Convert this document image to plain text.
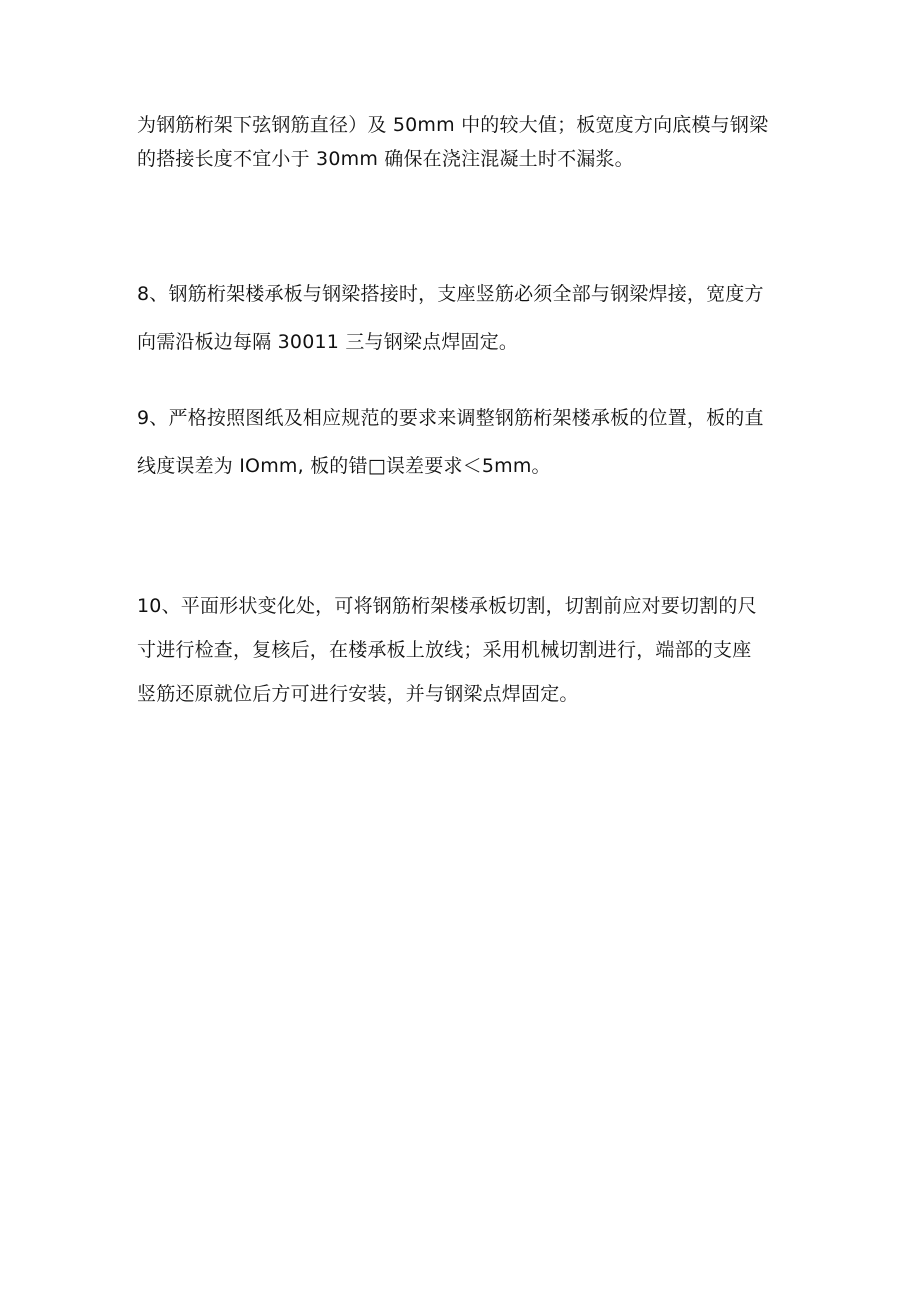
为钢筋桁架下弦钢筋直径）及 50mm 中的较大值；板宽度方向底模与钢梁
的搭接长度不宜小于 30mm 确保在浇注混凝土时不漏浆。

8、钢筋桁架楼承板与钢梁搭接时，支座竖筋必须全部与钢梁焊接，宽度方
向需沿板边每隔 30011 三与钢梁点焊固定。

9、严格按照图纸及相应规范的要求来调整钢筋桁架楼承板的位置，板的直
线度误差为 IOmm, 板的错□误差要求＜5mm。

10、平面形状变化处，可将钢筋桁架楼承板切割，切割前应对要切割的尺
寸进行检查，复核后，在楼承板上放线；采用机械切割进行，端部的支座
竖筋还原就位后方可进行安装，并与钢梁点焊固定。
